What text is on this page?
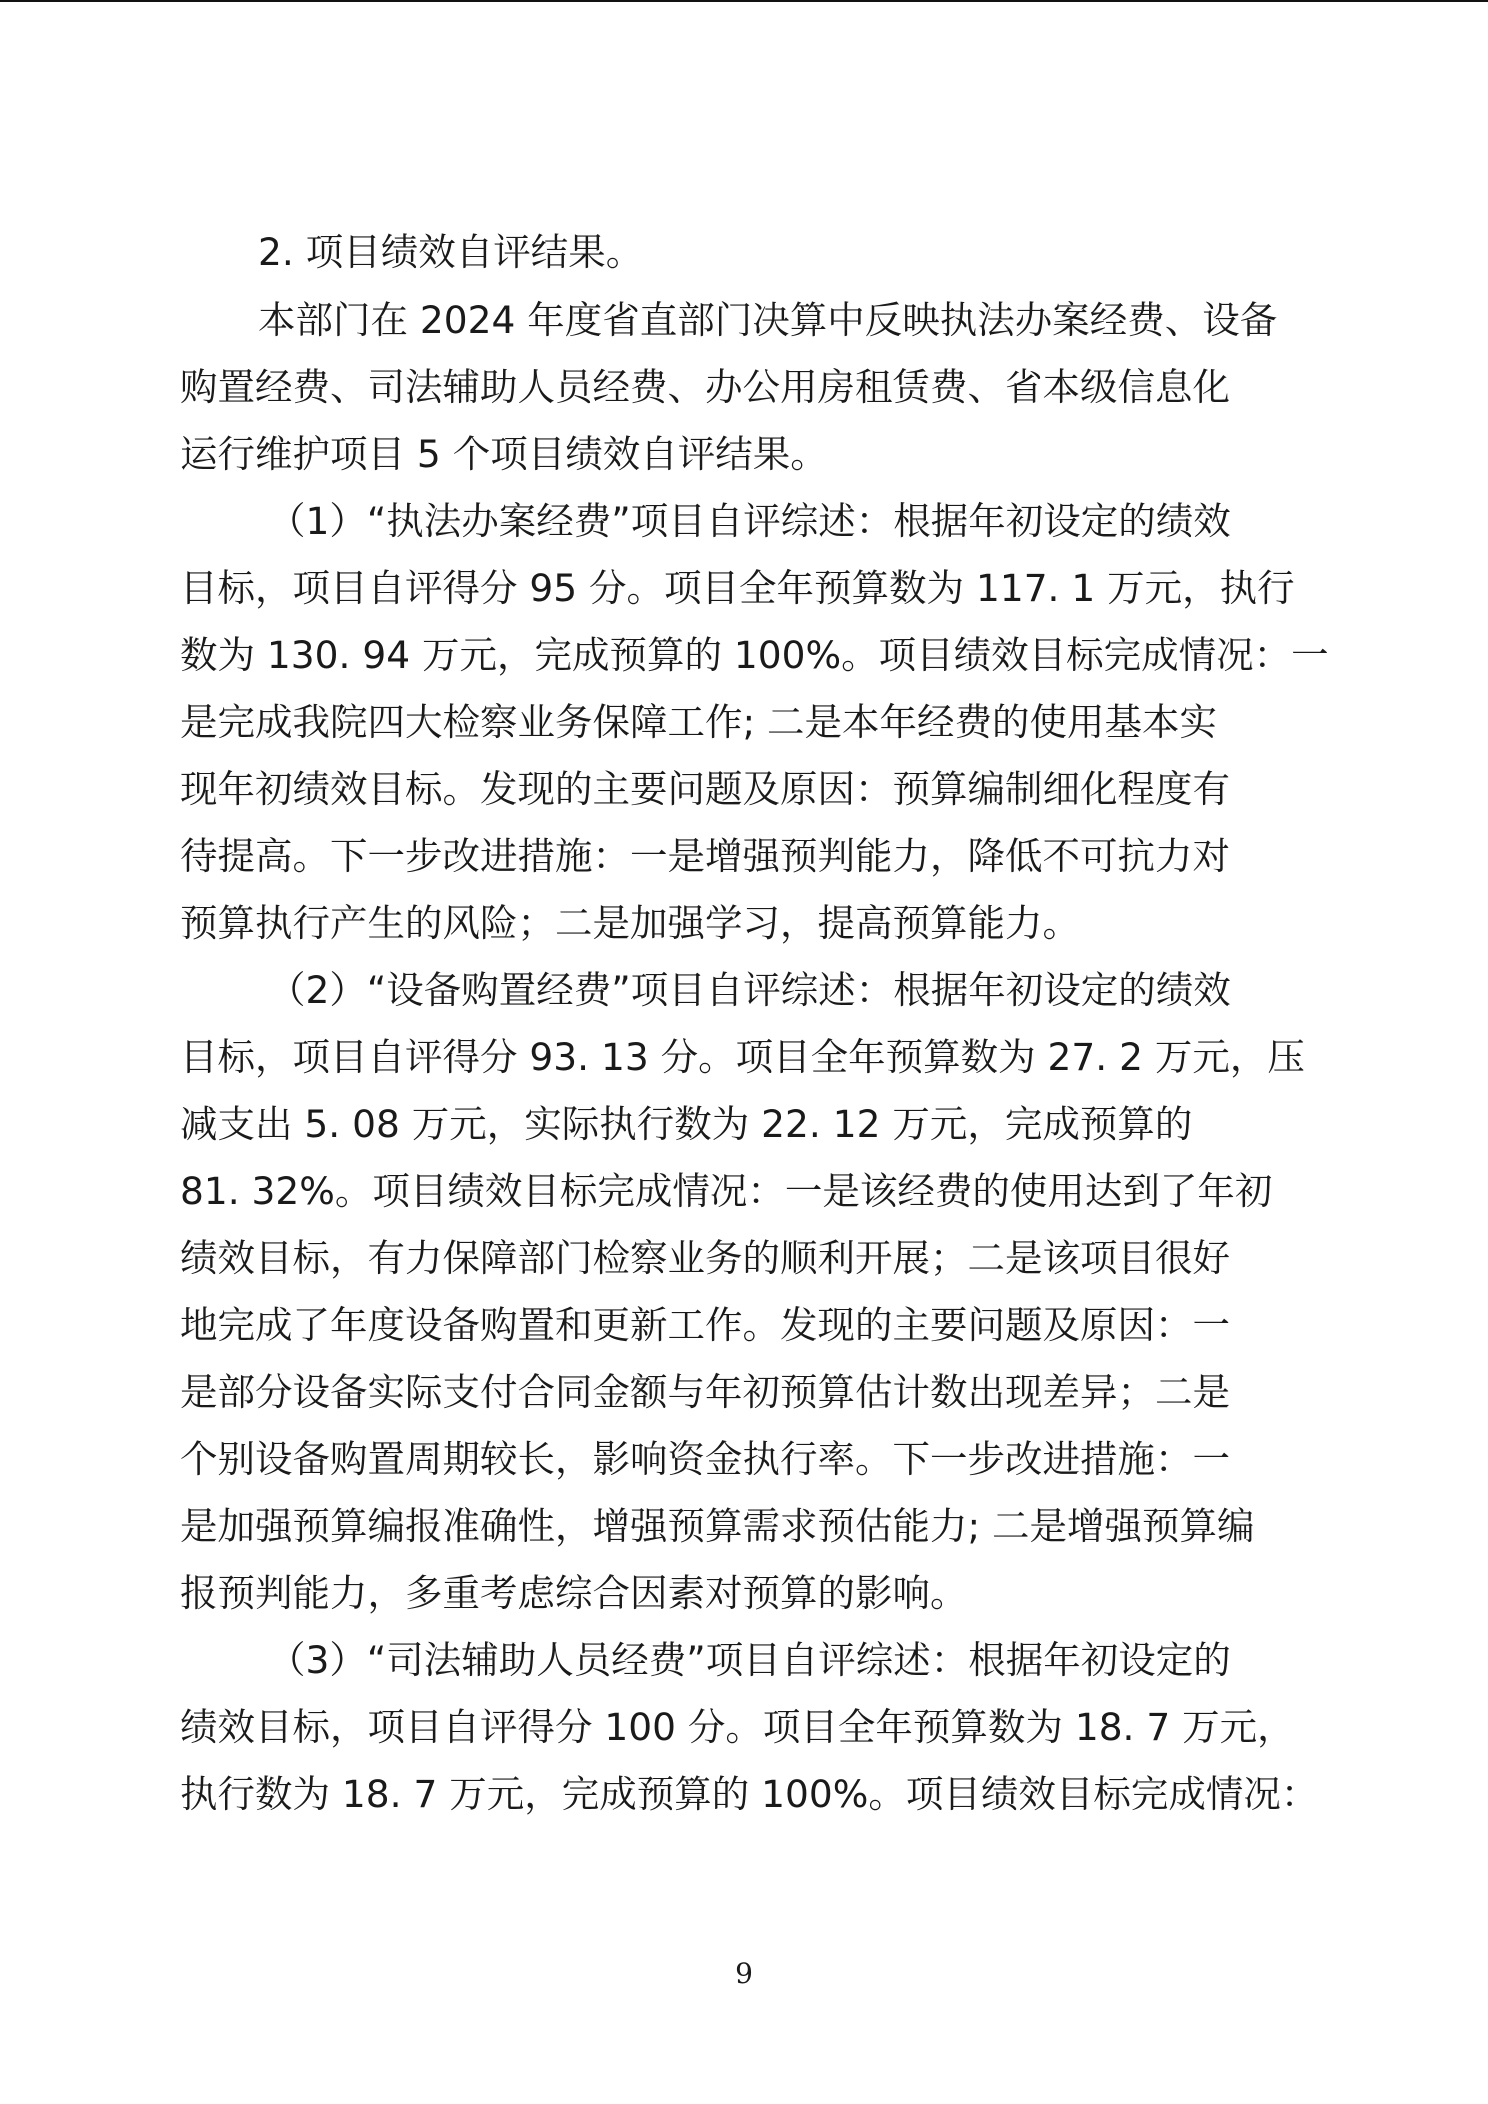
2. 项目绩效自评结果。
本部门在 2024 年度省直部门决算中反映执法办案经费、设备
购置经费、司法辅助人员经费、办公用房租赁费、省本级信息化
运行维护项目 5 个项目绩效自评结果。
（1）“执法办案经费”项目自评综述：根据年初设定的绩效
目标，项目自评得分 95 分。项目全年预算数为 117. 1 万元，执行
数为 130. 94 万元，完成预算的 100%。项目绩效目标完成情况：一
是完成我院四大检察业务保障工作; 二是本年经费的使用基本实
现年初绩效目标。发现的主要问题及原因：预算编制细化程度有
待提高。下一步改进措施：一是增强预判能力，降低不可抗力对
预算执行产生的风险；二是加强学习，提高预算能力。
（2）“设备购置经费”项目自评综述：根据年初设定的绩效
目标，项目自评得分 93. 13 分。项目全年预算数为 27. 2 万元，压
减支出 5. 08 万元，实际执行数为 22. 12 万元，完成预算的
81. 32%。项目绩效目标完成情况：一是该经费的使用达到了年初
绩效目标，有力保障部门检察业务的顺利开展；二是该项目很好
地完成了年度设备购置和更新工作。发现的主要问题及原因：一
是部分设备实际支付合同金额与年初预算估计数出现差异；二是
个别设备购置周期较长，影响资金执行率。下一步改进措施：一
是加强预算编报准确性，增强预算需求预估能力; 二是增强预算编
报预判能力，多重考虑综合因素对预算的影响。
（3）“司法辅助人员经费”项目自评综述：根据年初设定的
绩效目标，项目自评得分 100 分。项目全年预算数为 18. 7 万元，
执行数为 18. 7 万元，完成预算的 100%。项目绩效目标完成情况：
9
